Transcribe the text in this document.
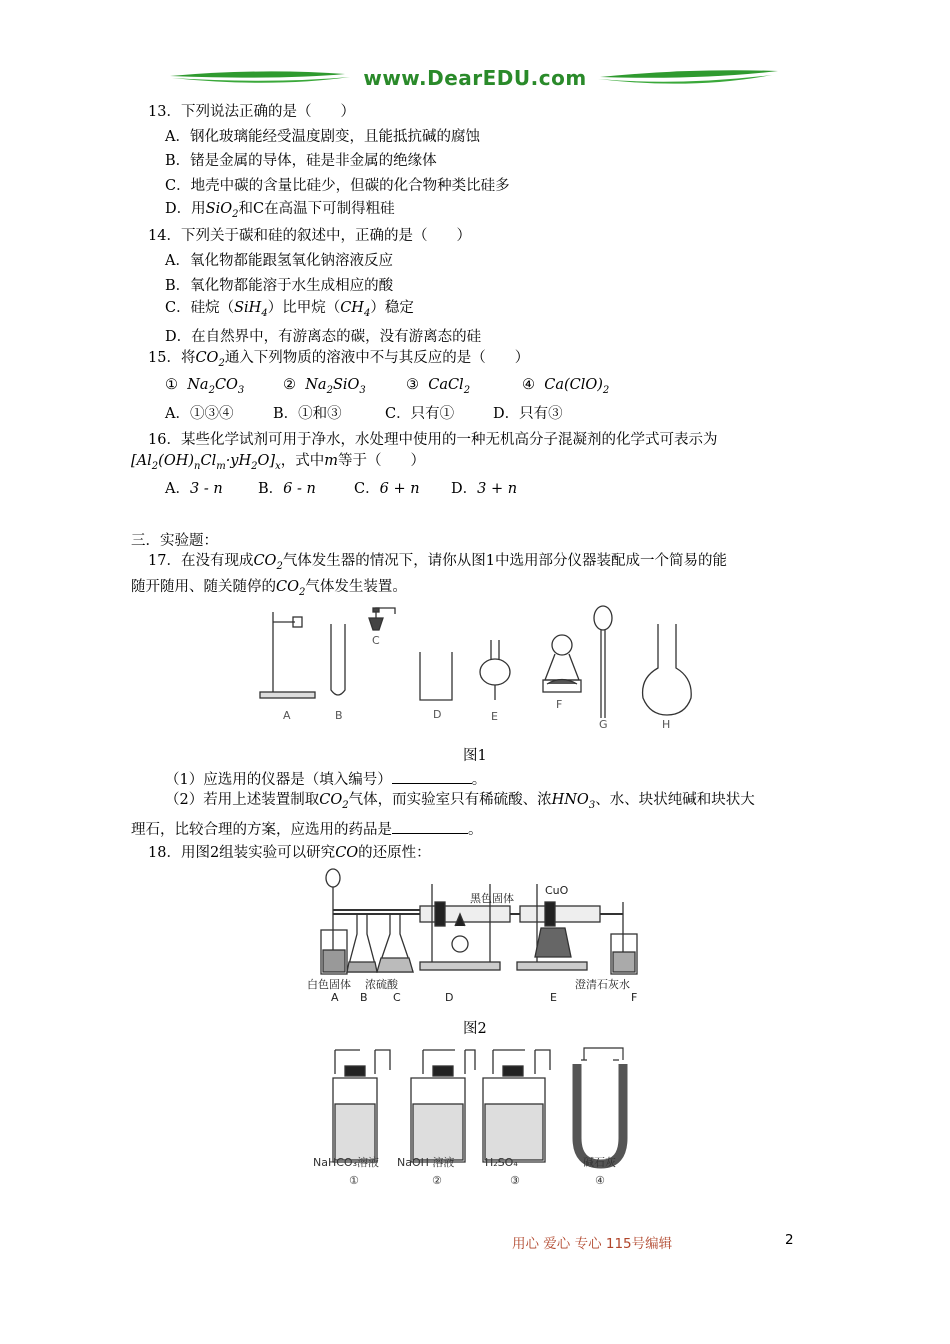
www.DearEDU.com
13．下列说法正确的是（　　）
A．钢化玻璃能经受温度剧变，且能抵抗碱的腐蚀
B．锗是金属的导体，硅是非金属的绝缘体
C．地壳中碳的含量比硅少，但碳的化合物种类比硅多
D．用SiO$_2$和C在高温下可制得粗硅
14．下列关于碳和硅的叙述中，正确的是（　　）
A．氧化物都能跟氢氧化钠溶液反应
B．氧化物都能溶于水生成相应的酸
C．硅烷（SiH$_4$）比甲烷$(CH_4)$稳定
D．在自然界中，有游离态的碳，没有游离态的硅
15．将$CO_2$通入下列物质的溶液中不与其反应的是（　　）
① $Na_2CO_3$	② $Na_2SiO_3$	③ CaCl$_2$	④ $Ca(ClO)_2$
A．①③④	B．①和③	C．只有①	D．只有③
16．某些化学试剂可用于净水，水处理中使用的一种无机高分子混凝剂的化学式可表示为
$[Al_2(OH)_nCl_m\cdot yH_2O]_x$，式中m等于（　　）
A．3 - n B．6 - n	C．6 + n D．3 + n
三．实验题：
17．在没有现成$CO_2$气体发生器的情况下，请你从图1中选用部分仪器装配成一个简易的能
随开随用、随关随停的$CO_2$气体发生装置。
A	B
C
D	E
F
G	H
图1
（1）应选用的仪器是（填入编号）	。
（2）若用上述装置制取$CO_2$气体，而实验室只有稀硫酸、浓$HNO_3$、水、块状纯碱和块状大
理石，比较合理的方案，应选用的药品是	。
18．用图2组装实验可以研究CO的还原性：
黑色固体
CuO
白色固体 浓硫酸	澄清石灰水
A B C	D	E	F
图2
NaHCO₃溶液 NaOH 溶液	H₂SO₄	碱石灰
①	②	③	④
用心 爱心 专心 115号编辑	2
